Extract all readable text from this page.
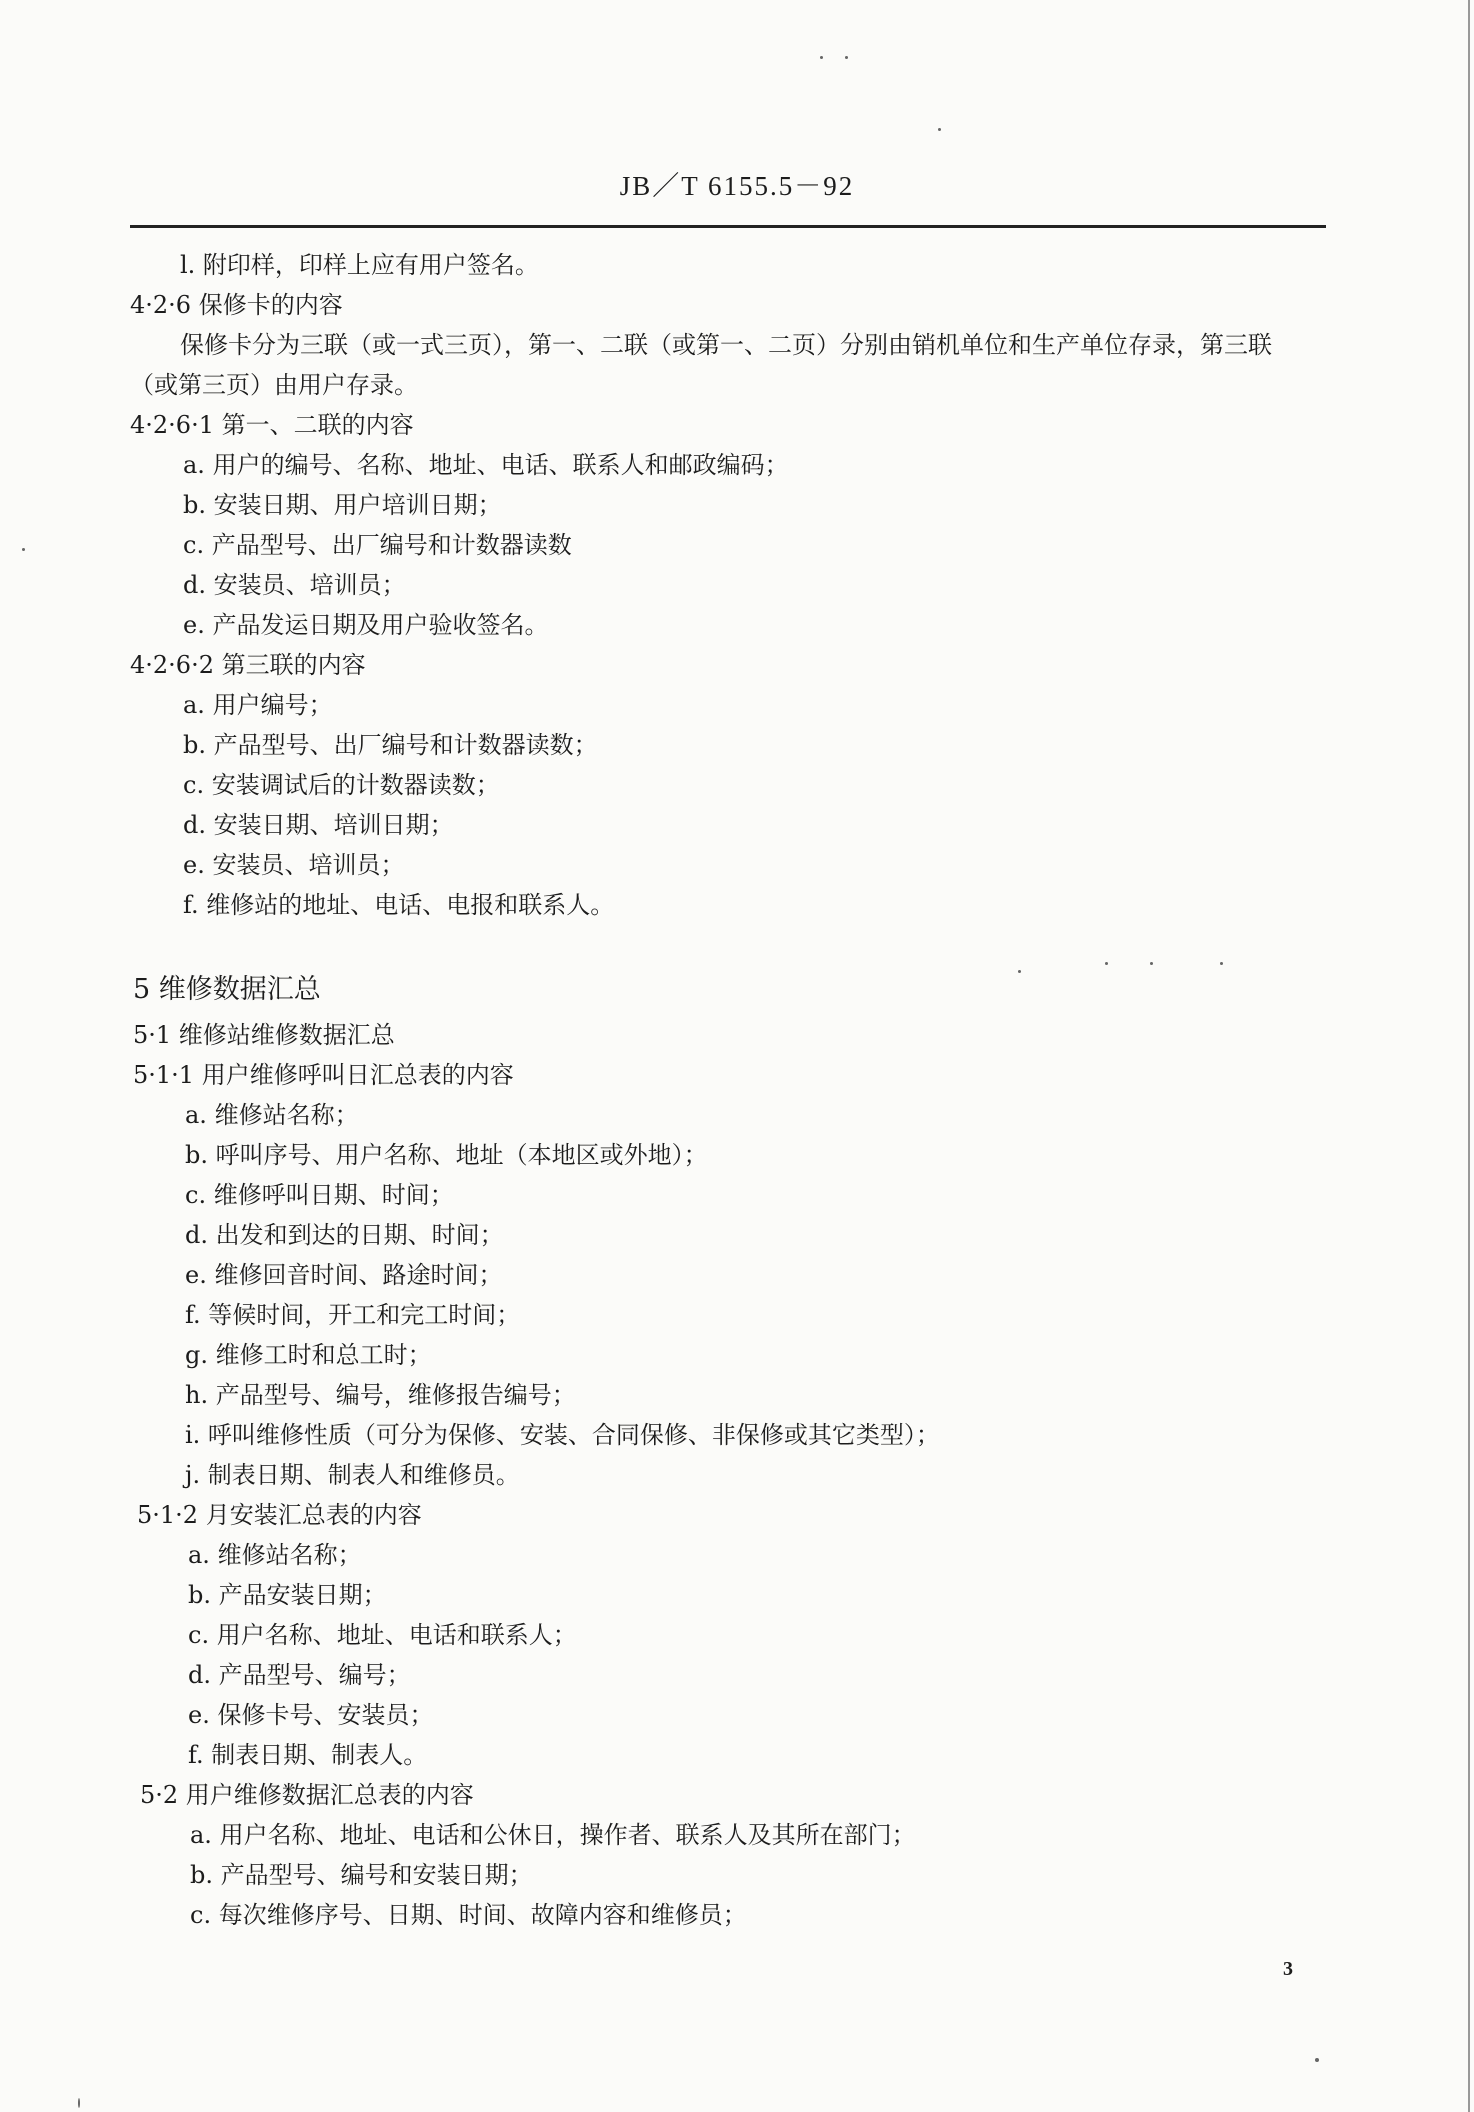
JB／T 6155.5－92
l. 附印样，印样上应有用户签名。
4·2·6 保修卡的内容
保修卡分为三联（或一式三页），第一、二联（或第一、二页）分别由销机单位和生产单位存录，第三联
（或第三页）由用户存录。
4·2·6·1 第一、二联的内容
a. 用户的编号、名称、地址、电话、联系人和邮政编码；
b. 安装日期、用户培训日期；
c. 产品型号、出厂编号和计数器读数
d. 安装员、培训员；
e. 产品发运日期及用户验收签名。
4·2·6·2 第三联的内容
a. 用户编号；
b. 产品型号、出厂编号和计数器读数；
c. 安装调试后的计数器读数；
d. 安装日期、培训日期；
e. 安装员、培训员；
f. 维修站的地址、电话、电报和联系人。
5 维修数据汇总
5·1 维修站维修数据汇总
5·1·1 用户维修呼叫日汇总表的内容
a. 维修站名称；
b. 呼叫序号、用户名称、地址（本地区或外地）；
c. 维修呼叫日期、时间；
d. 出发和到达的日期、时间；
e. 维修回音时间、路途时间；
f. 等候时间，开工和完工时间；
g. 维修工时和总工时；
h. 产品型号、编号，维修报告编号；
i. 呼叫维修性质（可分为保修、安装、合同保修、非保修或其它类型）；
j. 制表日期、制表人和维修员。
5·1·2 月安装汇总表的内容
a. 维修站名称；
b. 产品安装日期；
c. 用户名称、地址、电话和联系人；
d. 产品型号、编号；
e. 保修卡号、安装员；
f. 制表日期、制表人。
5·2 用户维修数据汇总表的内容
a. 用户名称、地址、电话和公休日，操作者、联系人及其所在部门；
b. 产品型号、编号和安装日期；
c. 每次维修序号、日期、时间、故障内容和维修员；
3
